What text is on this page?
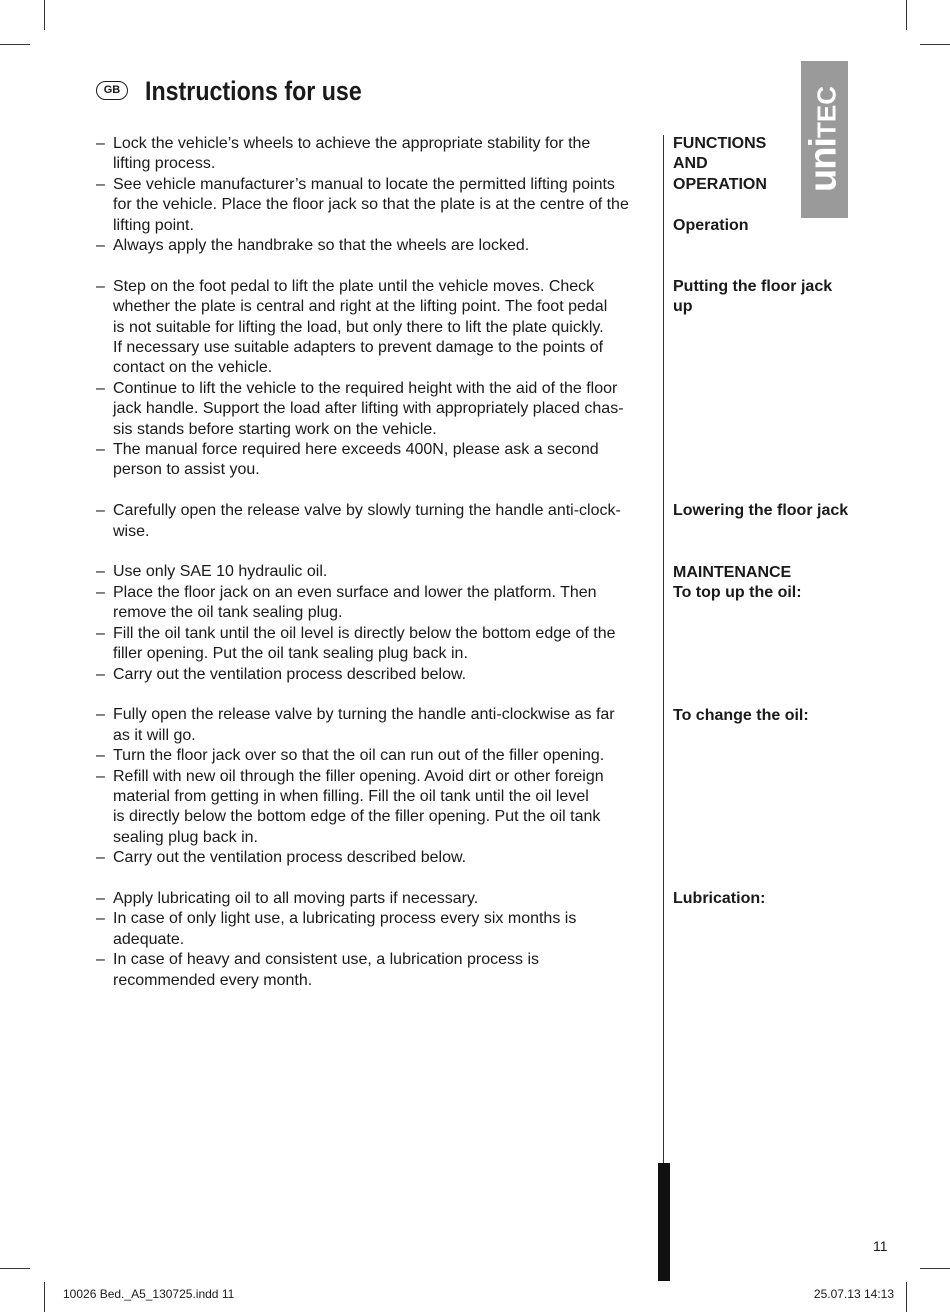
GB Instructions for use
uniTEC
– Lock the vehicle’s wheels to achieve the appropriate stability for the
lifting process.
– See vehicle manufacturer’s manual to locate the permitted lifting points
for the vehicle. Place the floor jack so that the plate is at the centre of the
lifting point.
– Always apply the handbrake so that the wheels are locked.
– Step on the foot pedal to lift the plate until the vehicle moves. Check
whether the plate is central and right at the lifting point. The foot pedal
is not suitable for lifting the load, but only there to lift the plate quickly.
If necessary use suitable adapters to prevent damage to the points of
contact on the vehicle.
– Continue to lift the vehicle to the required height with the aid of the floor
jack handle. Support the load after lifting with appropriately placed chas-
sis stands before starting work on the vehicle.
– The manual force required here exceeds 400N, please ask a second
person to assist you.
– Carefully open the release valve by slowly turning the handle anti-clock-
wise.
– Use only SAE 10 hydraulic oil.
– Place the floor jack on an even surface and lower the platform. Then
remove the oil tank sealing plug.
– Fill the oil tank until the oil level is directly below the bottom edge of the
filler opening. Put the oil tank sealing plug back in.
– Carry out the ventilation process described below.
– Fully open the release valve by turning the handle anti-clockwise as far
as it will go.
– Turn the floor jack over so that the oil can run out of the filler opening.
– Refill with new oil through the filler opening. Avoid dirt or other foreign
material from getting in when filling. Fill the oil tank until the oil level
is directly below the bottom edge of the filler opening. Put the oil tank
sealing plug back in.
– Carry out the ventilation process described below.
– Apply lubricating oil to all moving parts if necessary.
– In case of only light use, a lubricating process every six months is
adequate.
– In case of heavy and consistent use, a lubrication process is
recommended every month.
FUNCTIONS
AND
OPERATION
Operation
Putting the floor jack
up
Lowering the floor jack
MAINTENANCE
To top up the oil:
To change the oil:
Lubrication:
11
10026 Bed._A5_130725.indd 11	25.07.13 14:13
